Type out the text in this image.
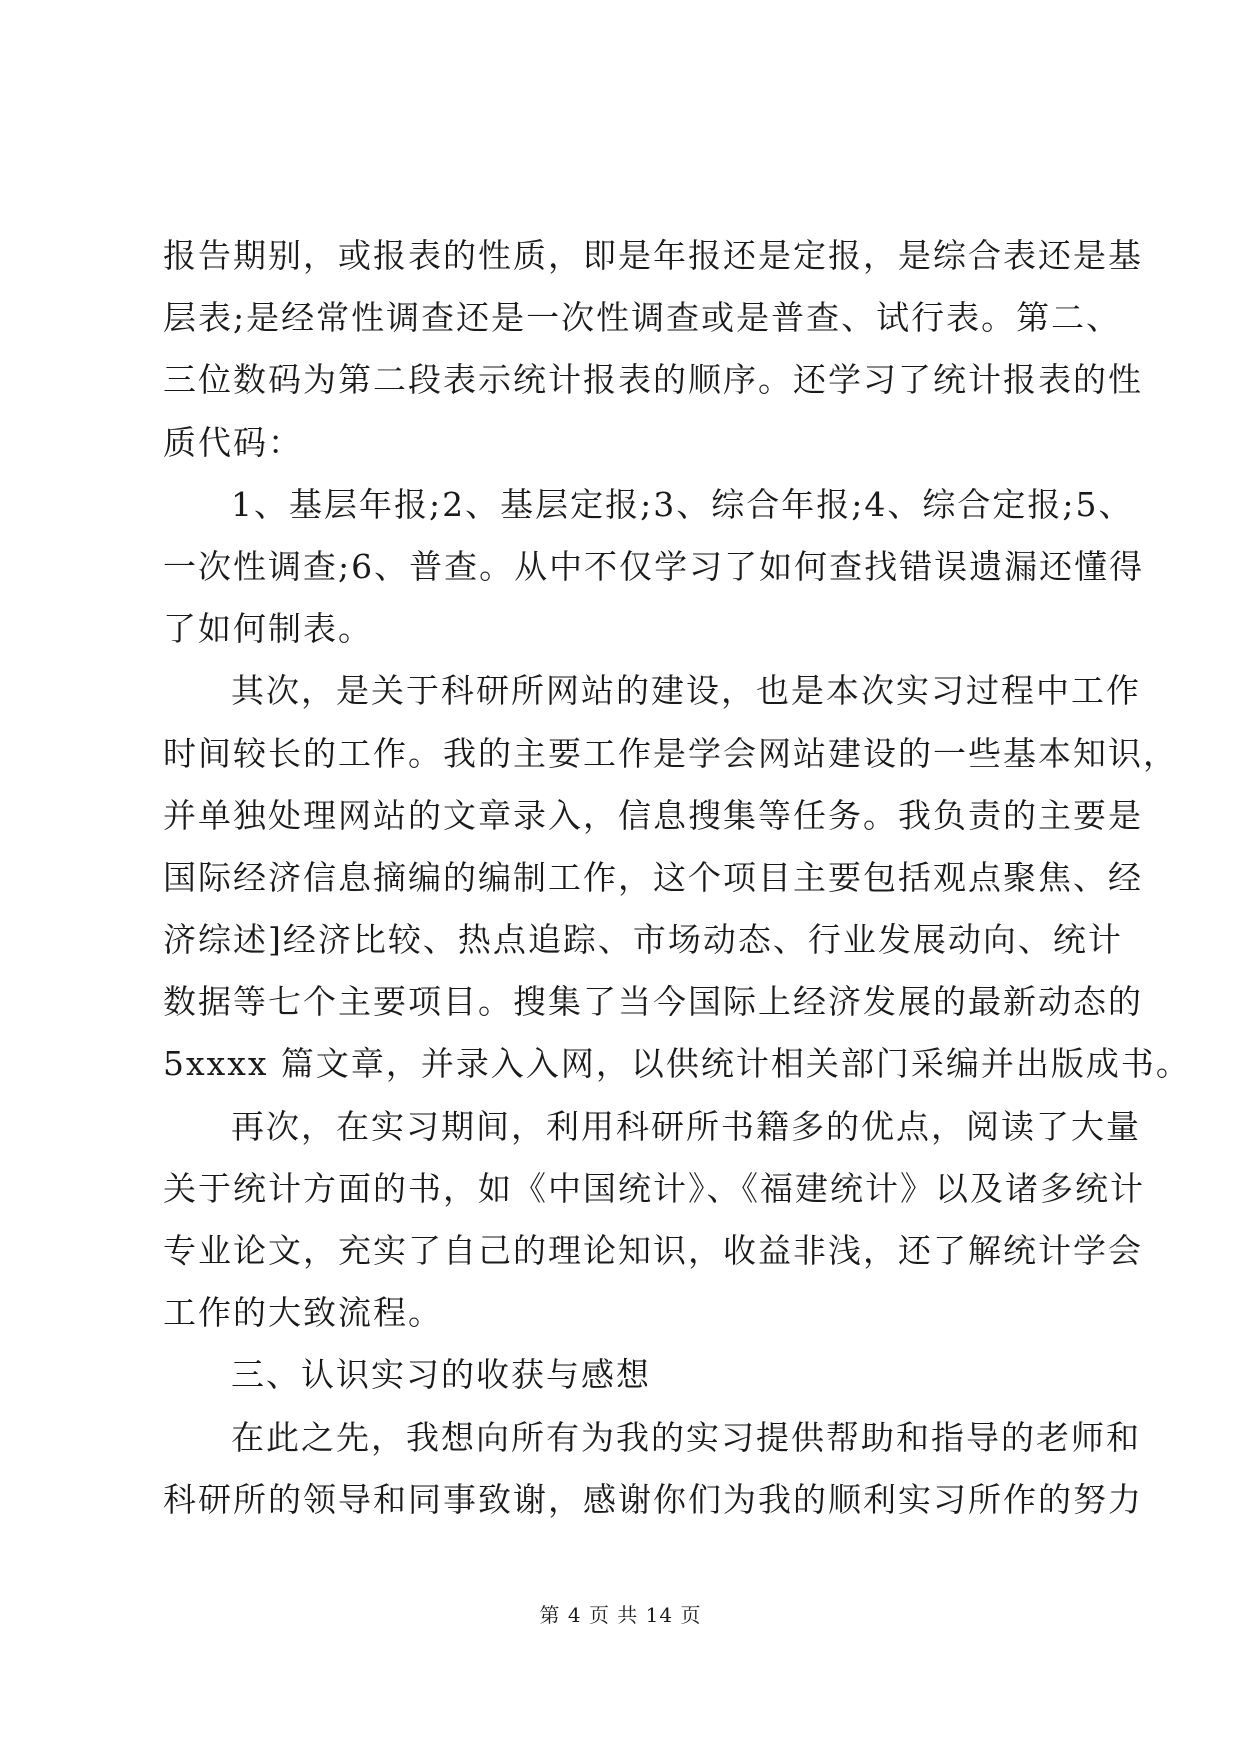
报告期别，或报表的性质，即是年报还是定报，是综合表还是基
层表;是经常性调查还是一次性调查或是普查、试行表。第二、
三位数码为第二段表示统计报表的顺序。还学习了统计报表的性
质代码：
1、基层年报;2、基层定报;3、综合年报;4、综合定报;5、
一次性调查;6、普查。从中不仅学习了如何查找错误遗漏还懂得
了如何制表。
其次，是关于科研所网站的建设，也是本次实习过程中工作
时间较长的工作。我的主要工作是学会网站建设的一些基本知识，
并单独处理网站的文章录入，信息搜集等任务。我负责的主要是
国际经济信息摘编的编制工作，这个项目主要包括观点聚焦、经
济综述]经济比较、热点追踪、市场动态、行业发展动向、统计
数据等七个主要项目。搜集了当今国际上经济发展的最新动态的
5xxxx 篇文章，并录入入网，以供统计相关部门采编并出版成书。
再次，在实习期间，利用科研所书籍多的优点，阅读了大量
关于统计方面的书，如《中国统计》、《福建统计》以及诸多统计
专业论文，充实了自己的理论知识，收益非浅，还了解统计学会
工作的大致流程。
三、认识实习的收获与感想
在此之先，我想向所有为我的实习提供帮助和指导的老师和
科研所的领导和同事致谢，感谢你们为我的顺利实习所作的努力
第 4 页 共 14 页
